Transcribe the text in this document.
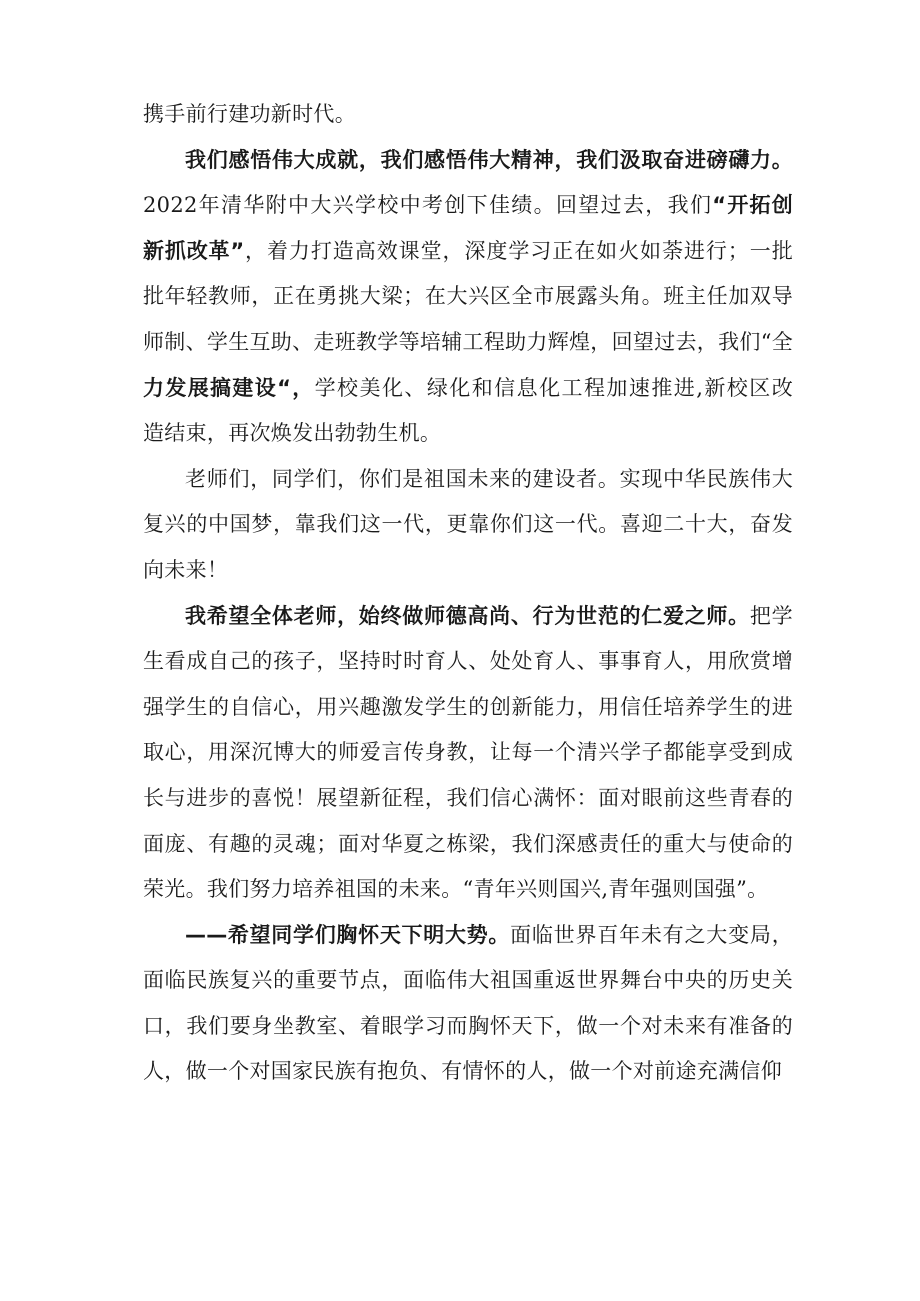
携手前行建功新时代。
我们感悟伟大成就，我们感悟伟大精神，我们汲取奋进磅礴力。
2022年清华附中大兴学校中考创下佳绩。回望过去，我们“开拓创
新抓改革”，着力打造高效课堂，深度学习正在如火如荼进行；一批
批年轻教师，正在勇挑大梁；在大兴区全市展露头角。班主任加双导
师制、学生互助、走班教学等培辅工程助力辉煌，回望过去，我们“全
力发展搞建设“，学校美化、绿化和信息化工程加速推进,新校区改
造结束，再次焕发出勃勃生机。
老师们，同学们，你们是祖国未来的建设者。实现中华民族伟大
复兴的中国梦，靠我们这一代，更靠你们这一代。喜迎二十大，奋发
向未来！
我希望全体老师，始终做师德高尚、行为世范的仁爱之师。把学
生看成自己的孩子，坚持时时育人、处处育人、事事育人，用欣赏增
强学生的自信心，用兴趣激发学生的创新能力，用信任培养学生的进
取心，用深沉博大的师爱言传身教，让每一个清兴学子都能享受到成
长与进步的喜悦！展望新征程，我们信心满怀：面对眼前这些青春的
面庞、有趣的灵魂；面对华夏之栋梁，我们深感责任的重大与使命的
荣光。我们努力培养祖国的未来。“青年兴则国兴,青年强则国强”。
——希望同学们胸怀天下明大势。面临世界百年未有之大变局，
面临民族复兴的重要节点，面临伟大祖国重返世界舞台中央的历史关
口，我们要身坐教室、着眼学习而胸怀天下，做一个对未来有准备的
人，做一个对国家民族有抱负、有情怀的人，做一个对前途充满信仰
